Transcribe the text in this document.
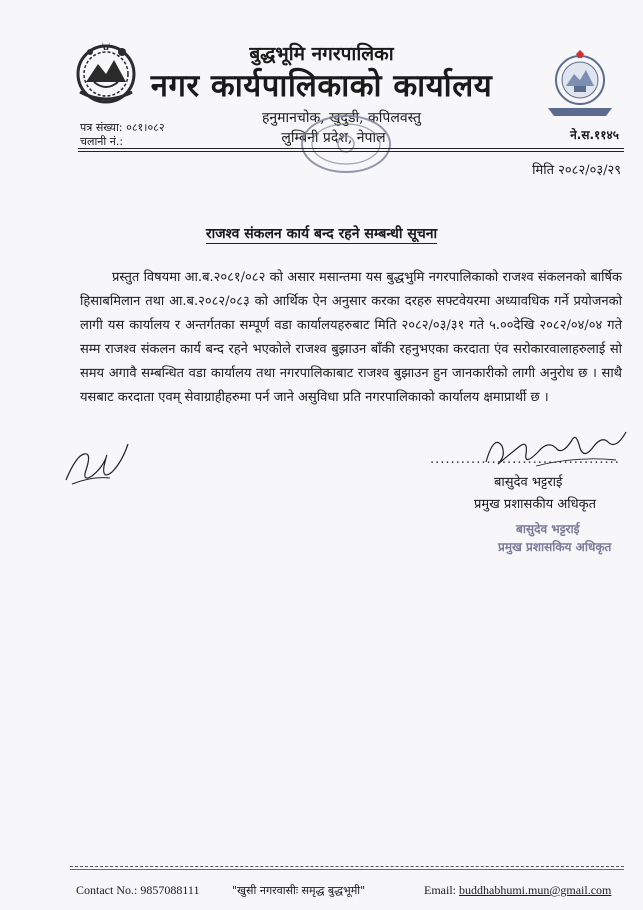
बुद्धभूमि नगरपालिका
नगर कार्यपालिकाको कार्यालय
हनुमानचोक, खुदुडी, कपिलवस्तु
लुम्बिनी प्रदेश, नेपाल
पत्र संख्या: ०८१।०८२
चलानी नं.:	ने.स.११४५
मिति २०८२/०३/२९
राजश्व संकलन कार्य बन्द रहने सम्बन्धी सूचना
प्रस्तुत विषयमा आ.ब.२०८१/०८२ को असार मसान्तमा यस बुद्धभुमि नगरपालिकाको राजश्व संकलनको बार्षिक हिसाबमिलान तथा आ.ब.२०८२/०८३ को आर्थिक ऐन अनुसार करका दरहरु सफ्टवेयरमा अध्यावधिक गर्ने प्रयोजनको लागी यस कार्यालय र अन्तर्गतका सम्पूर्ण वडा कार्यालयहरुबाट मिति २०८२/०३/३१ गते ५.००देखि २०८२/०४/०४ गते सम्म राजश्व संकलन कार्य बन्द रहने भएकोले राजश्व बुझाउन बाँकी रहनुभएका करदाता एंव सरोकारवालाहरुलाई सो समय अगावै सम्बन्धित वडा कार्यालय तथा नगरपालिकाबाट राजश्व बुझाउन हुन जानकारीको लागी अनुरोध छ । साथै यसबाट करदाता एवम् सेवाग्राहीहरुमा पर्न जाने असुविधा प्रति नगरपालिकाको कार्यालय क्षमाप्रार्थी छ ।
.....................................
बासुदेव भट्टराई
प्रमुख प्रशासकीय अधिकृत
बासुदेव भट्टराई
प्रमुख प्रशासकिय अधिकृत
Contact No.: 9857088111	"खुसी नगरवासीः समृद्ध बुद्धभूमी"	Email: buddhabhumi.mun@gmail.com
